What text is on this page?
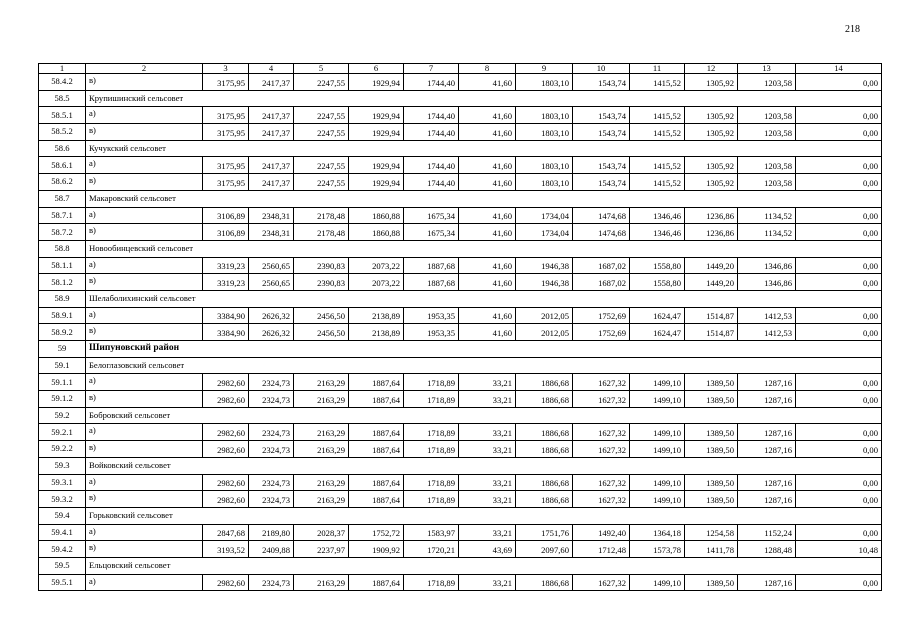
218
1	2	3	4	5	6	7	8	9	10	11	12	13	14
58.4.2	в)	3175,95	2417,37	2247,55	1929,94	1744,40	41,60	1803,10	1543,74	1415,52	1305,92	1203,58	0,00
58.5	Крупишинский сельсовет												
58.5.1	а)	3175,95	2417,37	2247,55	1929,94	1744,40	41,60	1803,10	1543,74	1415,52	1305,92	1203,58	0,00
58.5.2	в)	3175,95	2417,37	2247,55	1929,94	1744,40	41,60	1803,10	1543,74	1415,52	1305,92	1203,58	0,00
58.6	Кучукский сельсовет												
58.6.1	а)	3175,95	2417,37	2247,55	1929,94	1744,40	41,60	1803,10	1543,74	1415,52	1305,92	1203,58	0,00
58.6.2	в)	3175,95	2417,37	2247,55	1929,94	1744,40	41,60	1803,10	1543,74	1415,52	1305,92	1203,58	0,00
58.7	Макаровский сельсовет												
58.7.1	а)	3106,89	2348,31	2178,48	1860,88	1675,34	41,60	1734,04	1474,68	1346,46	1236,86	1134,52	0,00
58.7.2	в)	3106,89	2348,31	2178,48	1860,88	1675,34	41,60	1734,04	1474,68	1346,46	1236,86	1134,52	0,00
58.8	Новообинцевский сельсовет												
58.1.1	а)	3319,23	2560,65	2390,83	2073,22	1887,68	41,60	1946,38	1687,02	1558,80	1449,20	1346,86	0,00
58.1.2	в)	3319,23	2560,65	2390,83	2073,22	1887,68	41,60	1946,38	1687,02	1558,80	1449,20	1346,86	0,00
58.9	Шелаболихинский сельсовет												
58.9.1	а)	3384,90	2626,32	2456,50	2138,89	1953,35	41,60	2012,05	1752,69	1624,47	1514,87	1412,53	0,00
58.9.2	в)	3384,90	2626,32	2456,50	2138,89	1953,35	41,60	2012,05	1752,69	1624,47	1514,87	1412,53	0,00
59	Шипуновский район												
59.1	Белоглазовский сельсовет												
59.1.1	а)	2982,60	2324,73	2163,29	1887,64	1718,89	33,21	1886,68	1627,32	1499,10	1389,50	1287,16	0,00
59.1.2	в)	2982,60	2324,73	2163,29	1887,64	1718,89	33,21	1886,68	1627,32	1499,10	1389,50	1287,16	0,00
59.2	Бобровский сельсовет												
59.2.1	а)	2982,60	2324,73	2163,29	1887,64	1718,89	33,21	1886,68	1627,32	1499,10	1389,50	1287,16	0,00
59.2.2	в)	2982,60	2324,73	2163,29	1887,64	1718,89	33,21	1886,68	1627,32	1499,10	1389,50	1287,16	0,00
59.3	Войковский сельсовет												
59.3.1	а)	2982,60	2324,73	2163,29	1887,64	1718,89	33,21	1886,68	1627,32	1499,10	1389,50	1287,16	0,00
59.3.2	в)	2982,60	2324,73	2163,29	1887,64	1718,89	33,21	1886,68	1627,32	1499,10	1389,50	1287,16	0,00
59.4	Горьковский сельсовет												
59.4.1	а)	2847,68	2189,80	2028,37	1752,72	1583,97	33,21	1751,76	1492,40	1364,18	1254,58	1152,24	0,00
59.4.2	в)	3193,52	2409,88	2237,97	1909,92	1720,21	43,69	2097,60	1712,48	1573,78	1411,78	1288,48	10,48
59.5	Ельцовский сельсовет												
59.5.1	а)	2982,60	2324,73	2163,29	1887,64	1718,89	33,21	1886,68	1627,32	1499,10	1389,50	1287,16	0,00
